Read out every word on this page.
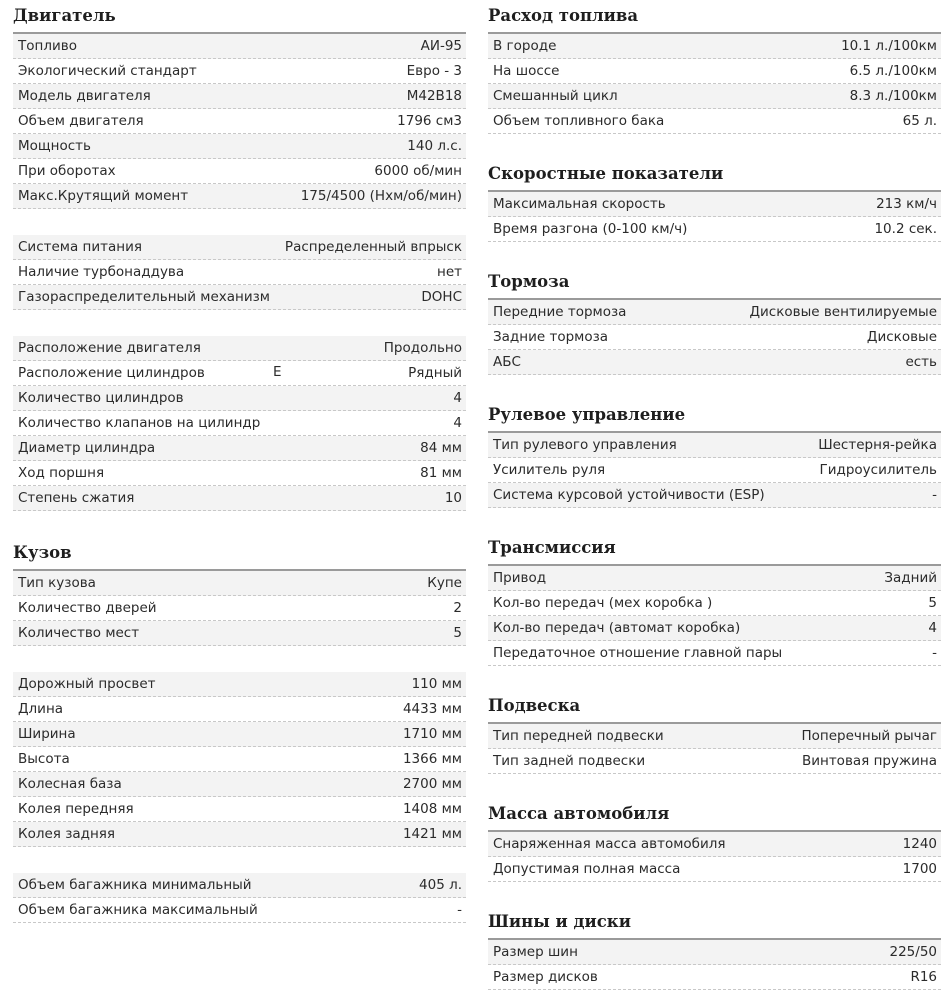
Двигатель
Топливо	АИ-95
Экологический стандарт	Евро - 3
Модель двигателя	M42B18
Объем двигателя	1796 см3
Мощность	140 л.с.
При оборотах	6000 об/мин
Макс.Крутящий момент	175/4500 (Нхм/об/мин)
Система питания	Распределенный впрыск
Наличие турбонаддува	нет
Газораспределительный механизм	DOHC
Расположение двигателя	Продольно
Расположение цилиндров	Рядный
Количество цилиндров	4
Количество клапанов на цилиндр	4
Диаметр цилиндра	84 мм
Ход поршня	81 мм
Степень сжатия	10
E
Кузов
Тип кузова	Купе
Количество дверей	2
Количество мест	5
Дорожный просвет	110 мм
Длина	4433 мм
Ширина	1710 мм
Высота	1366 мм
Колесная база	2700 мм
Колея передняя	1408 мм
Колея задняя	1421 мм
Объем багажника минимальный	405 л.
Объем багажника максимальный	-
Расход топлива
В городе	10.1 л./100км
На шоссе	6.5 л./100км
Смешанный цикл	8.3 л./100км
Объем топливного бака	65 л.
Скоростные показатели
Максимальная скорость	213 км/ч
Время разгона (0-100 км/ч)	10.2 сек.
Тормоза
Передние тормоза	Дисковые вентилируемые
Задние тормоза	Дисковые
АБС	есть
Рулевое управление
Тип рулевого управления	Шестерня-рейка
Усилитель руля	Гидроусилитель
Система курсовой устойчивости (ESP)	-
Трансмиссия
Привод	Задний
Кол-во передач (мех коробка )	5
Кол-во передач (автомат коробка)	4
Передаточное отношение главной пары	-
Подвеска
Тип передней подвески	Поперечный рычаг
Тип задней подвески	Винтовая пружина
Масса автомобиля
Снаряженная масса автомобиля	1240
Допустимая полная масса	1700
Шины и диски
Размер шин	225/50
Размер дисков	R16
